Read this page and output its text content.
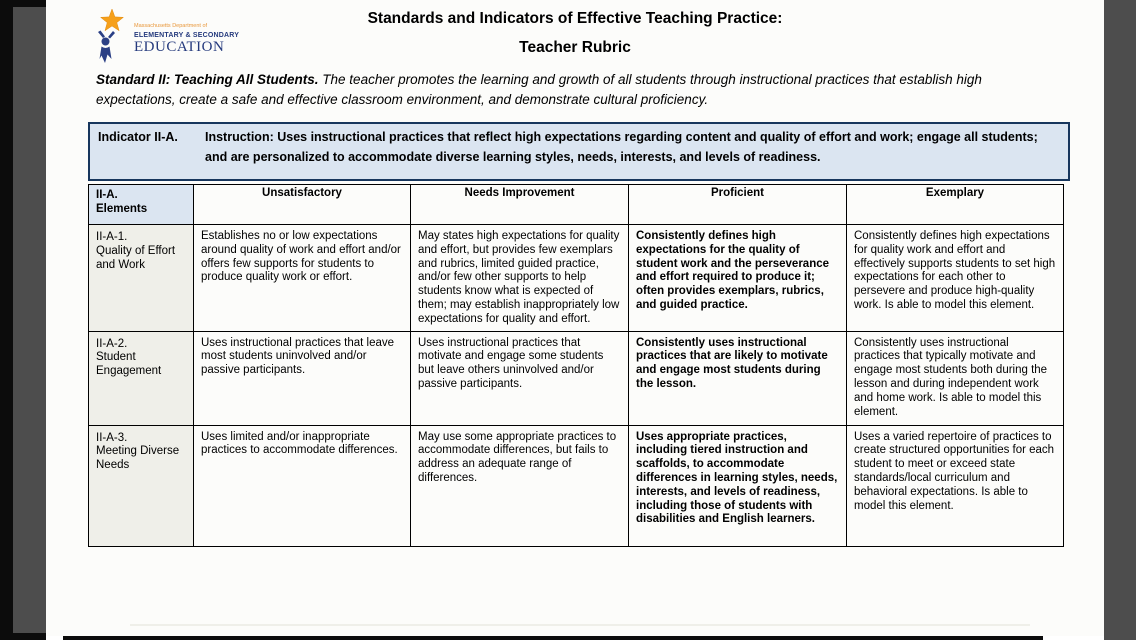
Massachusetts Department of
ELEMENTARY & SECONDARY
EDUCATION
Standards and Indicators of Effective Teaching Practice:
Teacher Rubric

Standard II: Teaching All Students. The teacher promotes the learning and growth of all students through instructional practices that establish high expectations, create a safe and effective classroom environment, and demonstrate cultural proficiency.

Indicator II-A.	Instruction: Uses instructional practices that reflect high expectations regarding content and quality of effort and work; engage all students; and are personalized to accommodate diverse learning styles, needs, interests, and levels of readiness.
II-A.
Elements	Unsatisfactory	Needs Improvement	Proficient	Exemplary

II-A-1.
Quality of Effort and Work
	Establishes no or low expectations around quality of work and effort and/or offers few supports for students to produce quality work or effort.	May states high expectations for quality and effort, but provides few exemplars and rubrics, limited guided practice, and/or few other supports to help students know what is expected of them; may establish inappropriately low expectations for quality and effort.	Consistently defines high expectations for the quality of student work and the perseverance and effort required to produce it; often provides exemplars, rubrics, and guided practice.	Consistently defines high expectations for quality work and effort and effectively supports students to set high expectations for each other to persevere and produce high-quality work. Is able to model this element.

II-A-2.
Student Engagement	Uses instructional practices that leave most students uninvolved and/or passive participants.	Uses instructional practices that motivate and engage some students but leave others uninvolved and/or passive participants.	Consistently uses instructional practices that are likely to motivate and engage most students during the lesson.	Consistently uses instructional practices that typically motivate and engage most students both during the lesson and during independent work and home work. Is able to model this element.

II-A-3.
Meeting Diverse Needs	Uses limited and/or inappropriate practices to accommodate differences.	May use some appropriate practices to accommodate differences, but fails to address an adequate range of differences.	Uses appropriate practices, including tiered instruction and scaffolds, to accommodate differences in learning styles, needs, interests, and levels of readiness, including those of students with disabilities and English learners.	Uses a varied repertoire of practices to create structured opportunities for each student to meet or exceed state standards/local curriculum and behavioral expectations. Is able to model this element.
